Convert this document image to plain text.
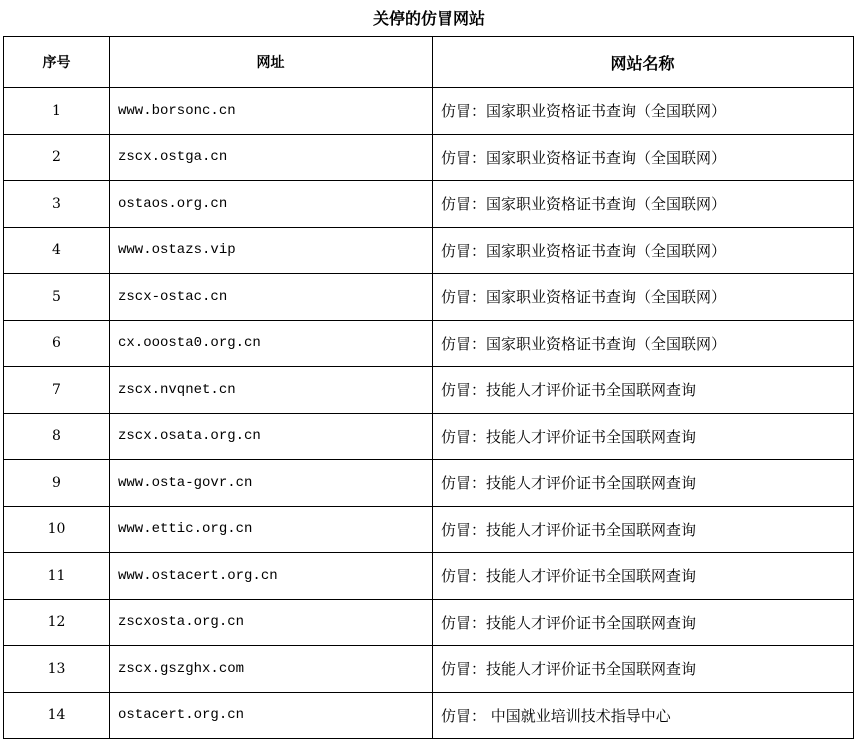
关停的仿冒网站
序号	网址	网站名称
1	www.borsonc.cn	仿冒：国家职业资格证书查询（全国联网）
2	zscx.ostga.cn	仿冒：国家职业资格证书查询（全国联网）
3	ostaos.org.cn	仿冒：国家职业资格证书查询（全国联网）
4	www.ostazs.vip	仿冒：国家职业资格证书查询（全国联网）
5	zscx-ostac.cn	仿冒：国家职业资格证书查询（全国联网）
6	cx.ooosta0.org.cn	仿冒：国家职业资格证书查询（全国联网）
7	zscx.nvqnet.cn	仿冒：技能人才评价证书全国联网查询
8	zscx.osata.org.cn	仿冒：技能人才评价证书全国联网查询
9	www.osta-govr.cn	仿冒：技能人才评价证书全国联网查询
10	www.ettic.org.cn	仿冒：技能人才评价证书全国联网查询
11	www.ostacert.org.cn	仿冒：技能人才评价证书全国联网查询
12	zscxosta.org.cn	仿冒：技能人才评价证书全国联网查询
13	zscx.gszghx.com	仿冒：技能人才评价证书全国联网查询
14	ostacert.org.cn	仿冒： 中国就业培训技术指导中心
